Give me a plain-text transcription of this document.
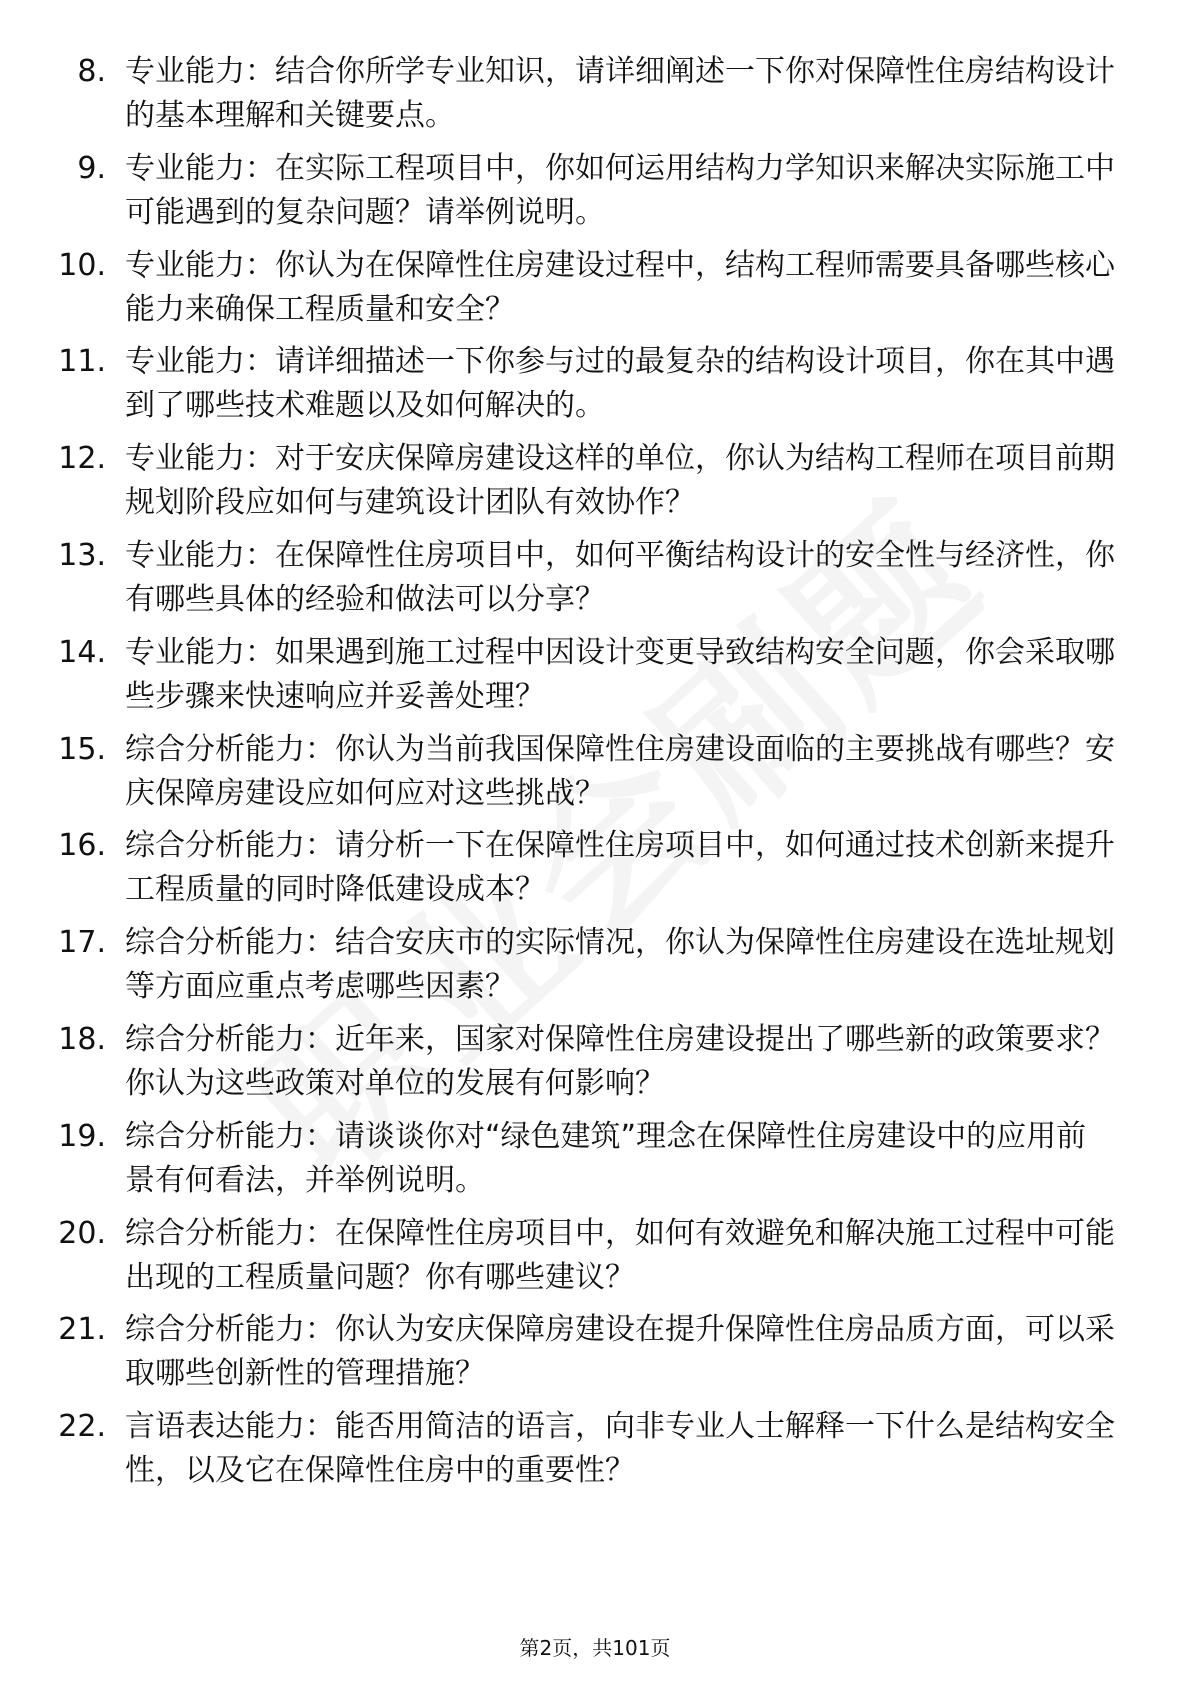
8. 专业能力：结合你所学专业知识，请详细阐述一下你对保障性住房结构设计的基本理解和关键要点。

9. 专业能力：在实际工程项目中，你如何运用结构力学知识来解决实际施工中可能遇到的复杂问题？请举例说明。

10. 专业能力：你认为在保障性住房建设过程中，结构工程师需要具备哪些核心能力来确保工程质量和安全？

11. 专业能力：请详细描述一下你参与过的最复杂的结构设计项目，你在其中遇到了哪些技术难题以及如何解决的。

12. 专业能力：对于安庆保障房建设这样的单位，你认为结构工程师在项目前期规划阶段应如何与建筑设计团队有效协作？

13. 专业能力：在保障性住房项目中，如何平衡结构设计的安全性与经济性，你有哪些具体的经验和做法可以分享？

14. 专业能力：如果遇到施工过程中因设计变更导致结构安全问题，你会采取哪些步骤来快速响应并妥善处理？

15. 综合分析能力：你认为当前我国保障性住房建设面临的主要挑战有哪些？安庆保障房建设应如何应对这些挑战？

16. 综合分析能力：请分析一下在保障性住房项目中，如何通过技术创新来提升工程质量的同时降低建设成本？

17. 综合分析能力：结合安庆市的实际情况，你认为保障性住房建设在选址规划等方面应重点考虑哪些因素？

18. 综合分析能力：近年来，国家对保障性住房建设提出了哪些新的政策要求？你认为这些政策对单位的发展有何影响？

19. 综合分析能力：请谈谈你对“绿色建筑”理念在保障性住房建设中的应用前景有何看法，并举例说明。

20. 综合分析能力：在保障性住房项目中，如何有效避免和解决施工过程中可能出现的工程质量问题？你有哪些建议？

21. 综合分析能力：你认为安庆保障房建设在提升保障性住房品质方面，可以采取哪些创新性的管理措施？

22. 言语表达能力：能否用简洁的语言，向非专业人士解释一下什么是结构安全性，以及它在保障性住房中的重要性？

第2页，共101页
